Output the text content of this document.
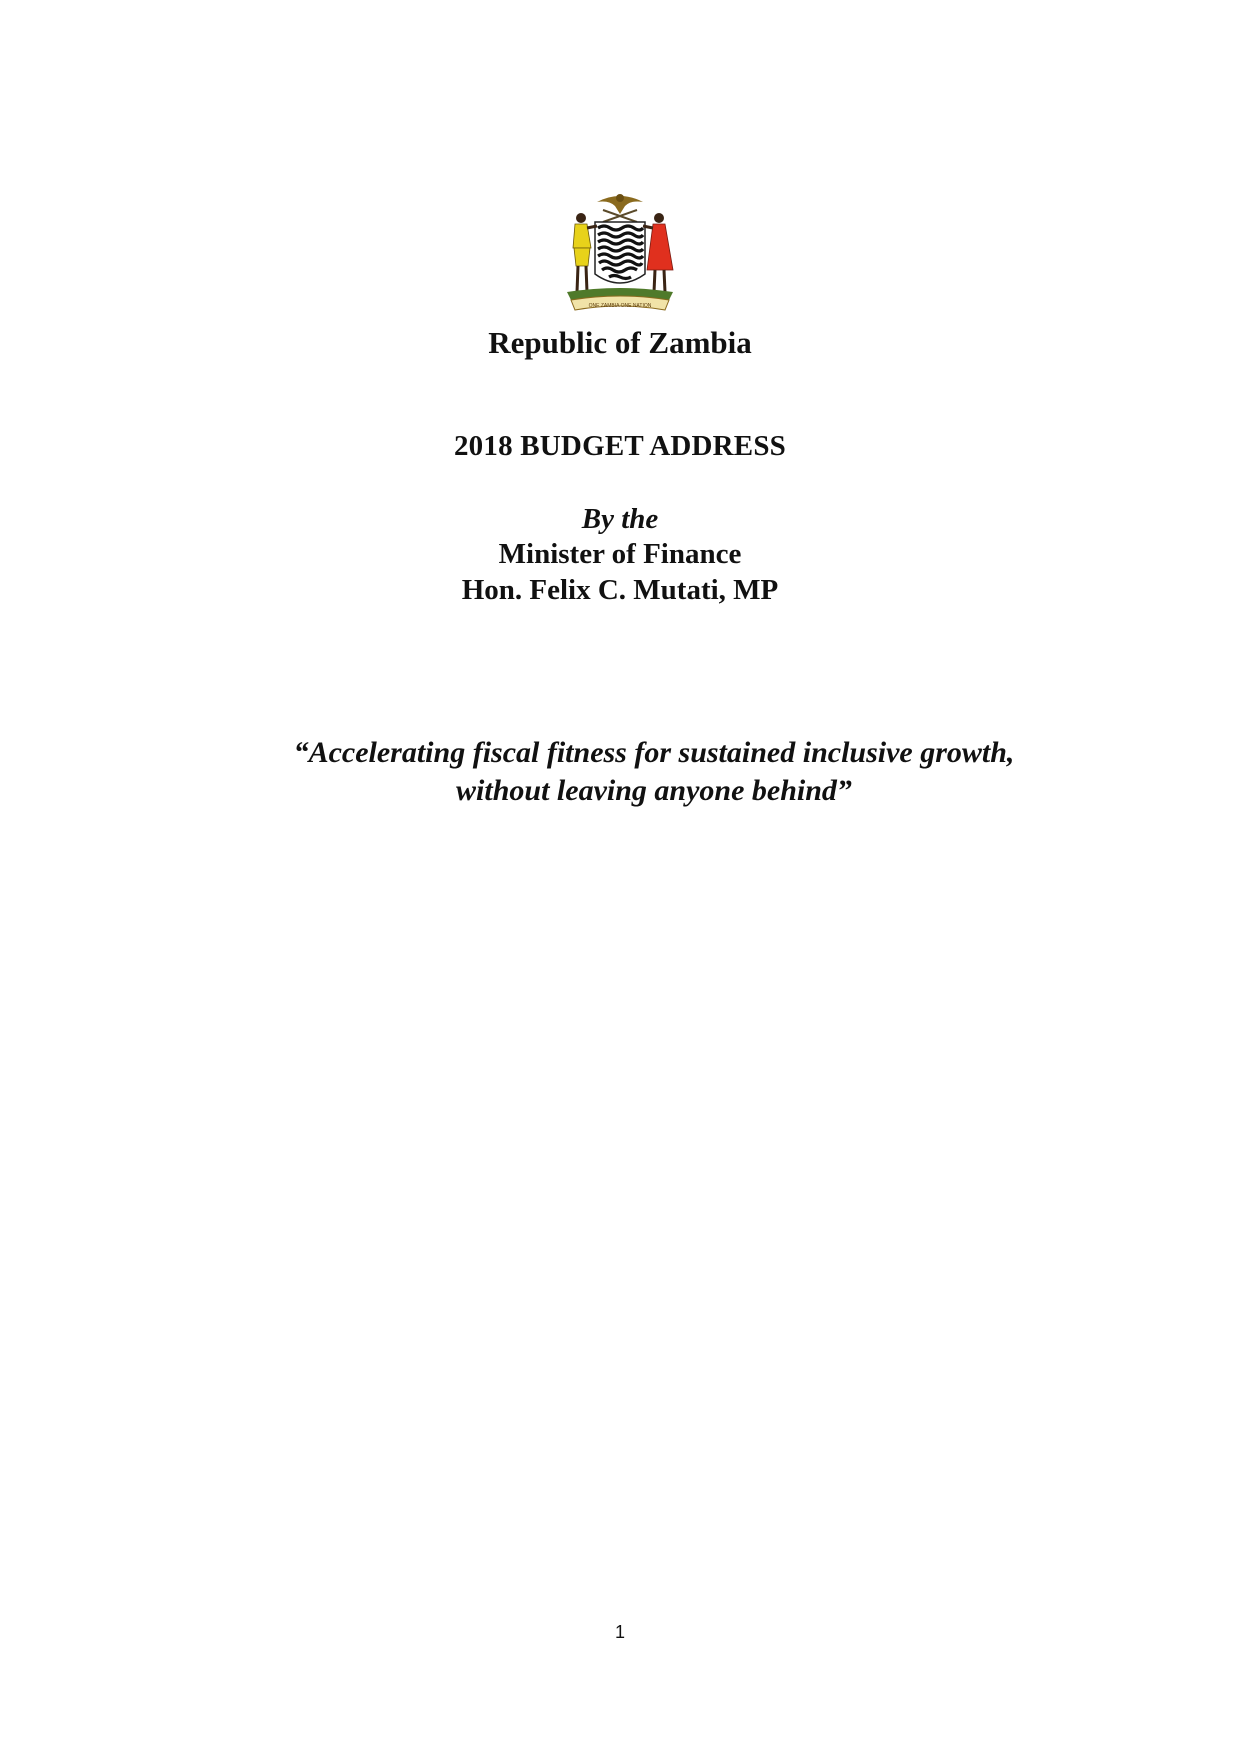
ONE ZAMBIA ONE NATION
Republic of Zambia
2018 BUDGET ADDRESS
By the
Minister of Finance
Hon. Felix C. Mutati, MP
“Accelerating fiscal fitness for sustained inclusive growth,
without leaving anyone behind”
1
